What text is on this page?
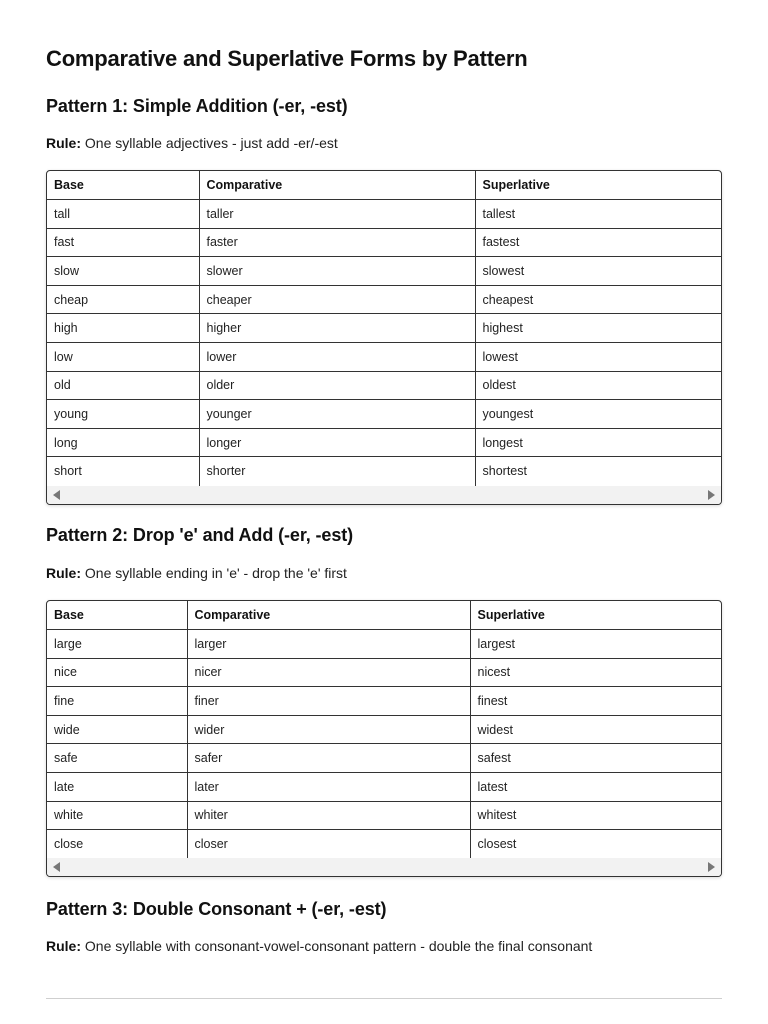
Comparative and Superlative Forms by Pattern
Pattern 1: Simple Addition (-er, -est)

Rule: One syllable adjectives - just add -er/-est

Base	Comparative	Superlative
tall	taller	tallest
fast	faster	fastest
slow	slower	slowest
cheap	cheaper	cheapest
high	higher	highest
low	lower	lowest
old	older	oldest
young	younger	youngest
long	longer	longest
short	shorter	shortest
Pattern 2: Drop 'e' and Add (-er, -est)

Rule: One syllable ending in 'e' - drop the 'e' first

Base	Comparative	Superlative
large	larger	largest
nice	nicer	nicest
fine	finer	finest
wide	wider	widest
safe	safer	safest
late	later	latest
white	whiter	whitest
close	closer	closest
Pattern 3: Double Consonant + (-er, -est)

Rule: One syllable with consonant-vowel-consonant pattern - double the final consonant
